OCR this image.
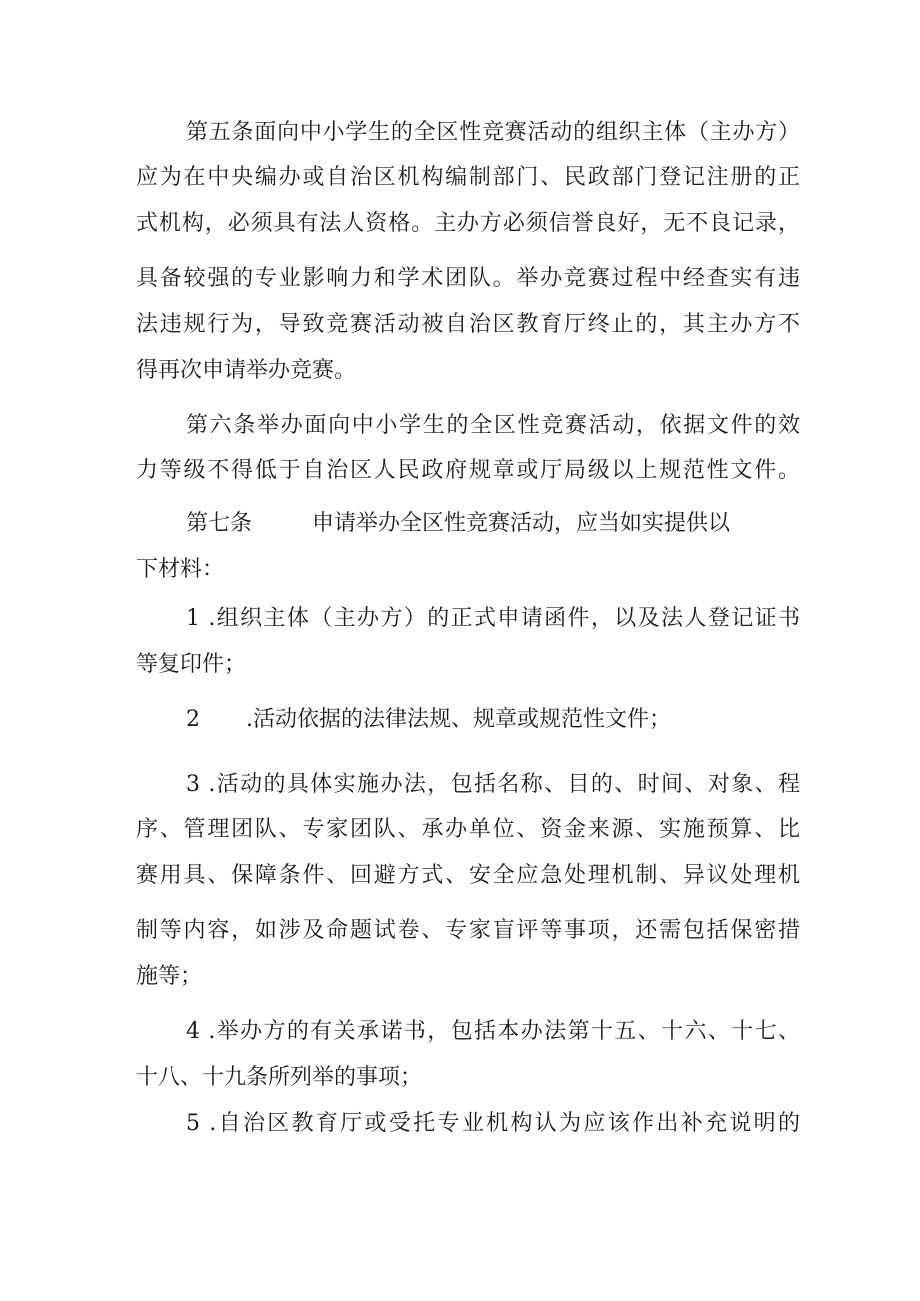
第五条面向中小学生的全区性竞赛活动的组织主体（主办方）
应为在中央编办或自治区机构编制部门、民政部门登记注册的正
式机构，必须具有法人资格。主办方必须信誉良好，无不良记录，
具备较强的专业影响力和学术团队。举办竞赛过程中经查实有违
法违规行为，导致竞赛活动被自治区教育厅终止的，其主办方不
得再次申请举办竞赛。
第六条举办面向中小学生的全区性竞赛活动，依据文件的效
力等级不得低于自治区人民政府规章或厅局级以上规范性文件。
第七条	申请举办全区性竞赛活动，应当如实提供以
下材料：
1 .组织主体（主办方）的正式申请函件，以及法人登记证书
等复印件；
2 .活动依据的法律法规、规章或规范性文件；
3 .活动的具体实施办法，包括名称、目的、时间、对象、程
序、管理团队、专家团队、承办单位、资金来源、实施预算、比
赛用具、保障条件、回避方式、安全应急处理机制、异议处理机
制等内容，如涉及命题试卷、专家盲评等事项，还需包括保密措
施等；
4 .举办方的有关承诺书，包括本办法第十五、十六、十七、
十八、十九条所列举的事项；
5 .自治区教育厅或受托专业机构认为应该作出补充说明的
